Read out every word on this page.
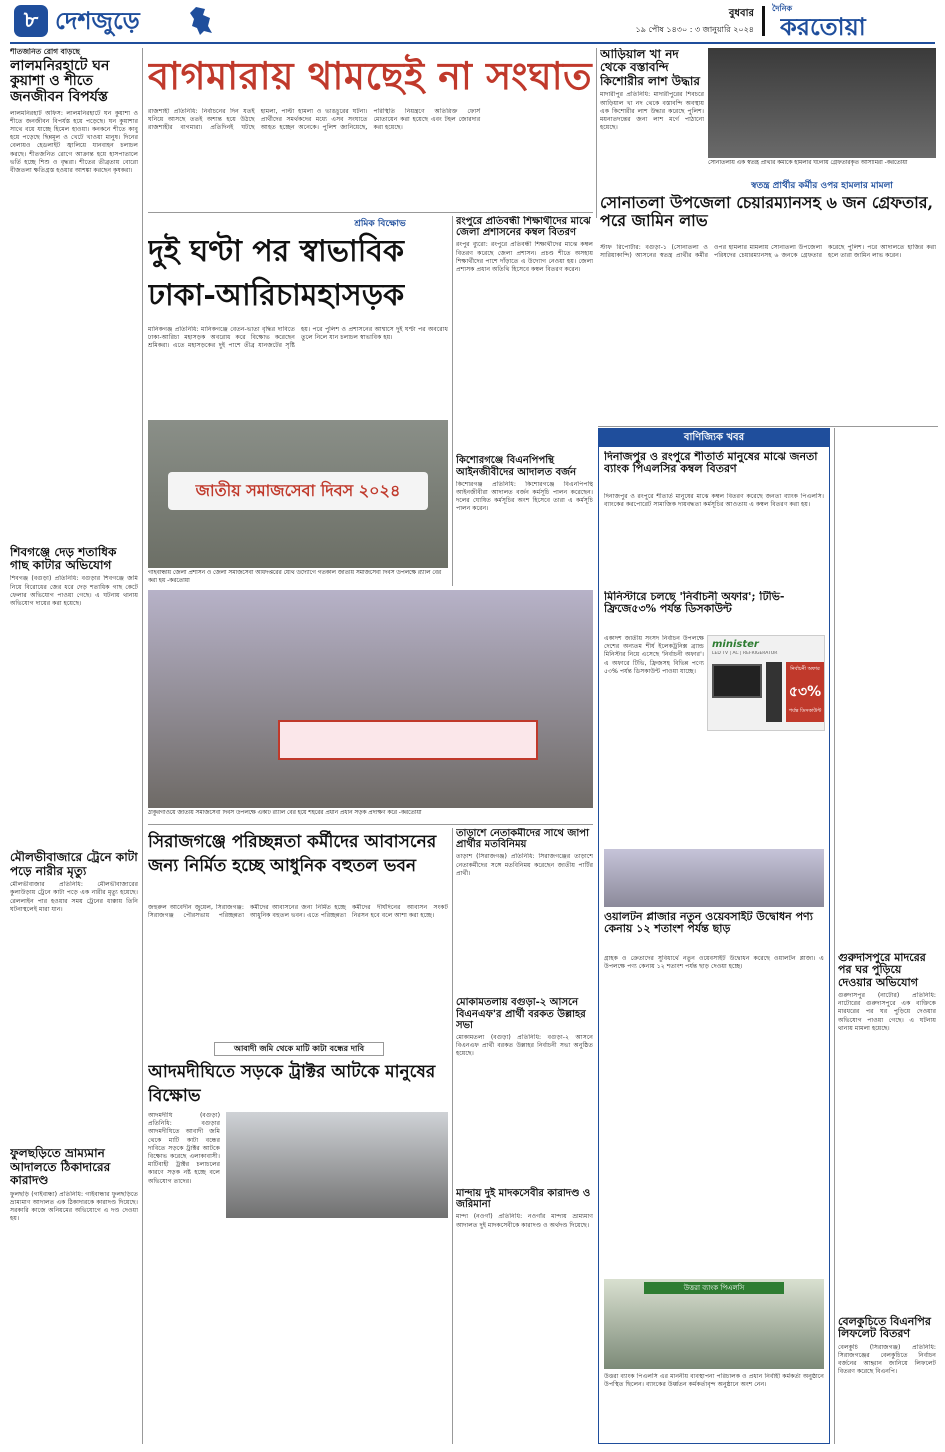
৮ দেশজুড়ে	বুধবার
১৯ পৌষ ১৪৩০ : ৩ জানুয়ারি ২০২৪
দৈনিক
করতোয়া
শীতজনিত রোগ বাড়ছে
লালমনিরহাটে ঘন কুয়াশা ও শীতে জনজীবন বিপর্যস্ত
লালমনিরহাট অফিস: লালমনিরহাটে ঘন কুয়াশা ও শীতে জনজীবন বিপর্যস্ত হয়ে পড়েছে। ঘন কুয়াশার সাথে বয়ে যাচ্ছে হিমেল হাওয়া। কনকনে শীতে কাবু হয়ে পড়েছে ছিন্নমূল ও খেটে খাওয়া মানুষ। দিনের বেলায়ও হেডলাইট জ্বালিয়ে যানবাহন চলাচল করছে। শীতজনিত রোগে আক্রান্ত হয়ে হাসপাতালে ভর্তি হচ্ছে শিশু ও বৃদ্ধরা। শীতের তীব্রতায় বোরো বীজতলা ক্ষতিগ্রস্ত হওয়ার আশঙ্কা করছেন কৃষকরা।
শিবগঞ্জে দেড় শতাধিক গাছ কাটার অভিযোগ
শিবগঞ্জ (বগুড়া) প্রতিনিধি: বগুড়ার শিবগঞ্জে জমি নিয়ে বিরোধের জের ধরে দেড় শতাধিক গাছ কেটে ফেলার অভিযোগ পাওয়া গেছে। এ ঘটনায় থানায় অভিযোগ দায়ের করা হয়েছে।
মৌলভীবাজারে ট্রেনে কাটা পড়ে নারীর মৃত্যু
মৌলভীবাজার প্রতিনিধি: মৌলভীবাজারের কুলাউড়ায় ট্রেনে কাটা পড়ে এক নারীর মৃত্যু হয়েছে। রেললাইন পার হওয়ার সময় ট্রেনের ধাক্কায় তিনি ঘটনাস্থলেই মারা যান।
ফুলছড়িতে ভ্রাম্যমান আদালতে ঠিকাদারের কারাদণ্ড
ফুলছড়ি (গাইবান্ধা) প্রতিনিধি: গাইবান্ধার ফুলছড়িতে ভ্রাম্যমাণ আদালত এক ঠিকাদারকে কারাদণ্ড দিয়েছে। সরকারি কাজে অনিয়মের অভিযোগে এ দণ্ড দেওয়া হয়।
বাগমারায় থামছেই না সংঘাত
রাজশাহী প্রতিনিধি: নির্বাচনের দিন যতই ঘনিয়ে আসছে ততই অশান্ত হয়ে উঠছে রাজশাহীর বাগমারা। প্রতিদিনই ঘটছে হামলা, পাল্টা হামলা ও ভাঙচুরের ঘটনা। প্রার্থীদের সমর্থকদের মধ্যে এসব সংঘাতে আহত হচ্ছেন অনেকে। পুলিশ জানিয়েছে, পরিস্থিতি নিয়ন্ত্রণে অতিরিক্ত ফোর্স মোতায়েন করা হয়েছে এবং টহল জোরদার করা হয়েছে।
শ্রমিক বিক্ষোভ
দুই ঘণ্টা পর স্বাভাবিক ঢাকা-আরিচামহাসড়ক
মানিকগঞ্জ প্রতিনিধি: মানিকগঞ্জে বেতন-ভাতা বৃদ্ধির দাবিতে ঢাকা-আরিচা মহাসড়ক অবরোধ করে বিক্ষোভ করেছেন শ্রমিকরা। এতে মহাসড়কের দুই পাশে তীব্র যানজটের সৃষ্টি হয়। পরে পুলিশ ও প্রশাসনের আশ্বাসে দুই ঘণ্টা পর অবরোধ তুলে নিলে যান চলাচল স্বাভাবিক হয়।
জাতীয় সমাজসেবা দিবস ২০২৪
গাইবান্ধায় জেলা প্রশাসন ও জেলা সমাজসেবা অধিদপ্তরের যৌথ উদ্যোগে গতকাল জাতীয় সমাজসেবা দিবস উপলক্ষে র‌্যালি বের করা হয় -করতোয়া
ঠাকুরগাঁওয়ে জাতীয় সমাজসেবা দিবস উপলক্ষে একটি র‌্যালি বের হয়ে শহরের প্রধান প্রধান সড়ক প্রদক্ষিণ করে -করতোয়া
রংপুরে প্রতিবন্ধী শিক্ষার্থীদের মাঝে জেলা প্রশাসনের কম্বল বিতরণ
রংপুর ব্যুরো: রংপুরে প্রতিবন্ধী শিক্ষার্থীদের মাঝে কম্বল বিতরণ করেছে জেলা প্রশাসন। প্রচণ্ড শীতে অসহায় শিক্ষার্থীদের পাশে দাঁড়াতে এ উদ্যোগ নেওয়া হয়। জেলা প্রশাসক প্রধান অতিথি হিসেবে কম্বল বিতরণ করেন।
কিশোরগঞ্জে বিএনপিপন্থি আইনজীবীদের আদালত বর্জন
কিশোরগঞ্জ প্রতিনিধি: কিশোরগঞ্জে বিএনপিপন্থি আইনজীবীরা আদালত বর্জন কর্মসূচি পালন করেছেন। দলের ঘোষিত কর্মসূচির অংশ হিসেবে তারা এ কর্মসূচি পালন করেন।
তাড়াশে নেতাকর্মীদের সাথে জাপা প্রার্থীর মতবিনিময়
তাড়াশ (সিরাজগঞ্জ) প্রতিনিধি: সিরাজগঞ্জের তাড়াশে নেতাকর্মীদের সঙ্গে মতবিনিময় করেছেন জাতীয় পার্টির প্রার্থী।
মোকামতলায় বগুড়া-২ আসনে বিএনএফ'র প্রার্থী বরকত উল্লাহর সভা
মোকামতলা (বগুড়া) প্রতিনিধি: বগুড়া-২ আসনে বিএনএফ প্রার্থী বরকত উল্লাহর নির্বাচনী সভা অনুষ্ঠিত হয়েছে।
মান্দায় দুই মাদকসেবীর কারাদণ্ড ও জরিমানা
মান্দা (নওগাঁ) প্রতিনিধি: নওগাঁর মান্দায় ভ্রাম্যমাণ আদালত দুই মাদকসেবীকে কারাদণ্ড ও অর্থদণ্ড দিয়েছে।
আড়িয়াল খা নদ থেকে বস্তাবন্দি কিশোরীর লাশ উদ্ধার
মাদারীপুর প্রতিনিধি: মাদারীপুরের শিবচরে আড়িয়াল খা নদ থেকে বস্তাবন্দি অবস্থায় এক কিশোরীর লাশ উদ্ধার করেছে পুলিশ। ময়নাতদন্তের জন্য লাশ মর্গে পাঠানো হয়েছে।
সোনাতলায় এক স্বতন্ত্র প্রার্থীর কর্মীকে হামলার ঘটনায় গ্রেফতারকৃত আসামিরা -করতোয়া
স্বতন্ত্র প্রার্থীর কর্মীর ওপর হামলার মামলা
সোনাতলা উপজেলা চেয়ারম্যানসহ ৬ জন গ্রেফতার, পরে জামিন লাভ
স্টাফ রিপোর্টার: বগুড়া-১ (সোনাতলা ও সারিয়াকান্দি) আসনের স্বতন্ত্র প্রার্থীর কর্মীর ওপর হামলার মামলায় সোনাতলা উপজেলা পরিষদের চেয়ারম্যানসহ ৬ জনকে গ্রেফতার করেছে পুলিশ। পরে আদালতে হাজির করা হলে তারা জামিন লাভ করেন।
বাণিজ্যিক খবর
দিনাজপুর ও রংপুরে শীতার্ত মানুষের মাঝে জনতা ব্যাংক পিএলসির কম্বল বিতরণ
দিনাজপুর ও রংপুরে শীতার্ত মানুষের মাঝে কম্বল বিতরণ করেছে জনতা ব্যাংক পিএলসি। ব্যাংকের করপোরেট সামাজিক দায়বদ্ধতা কর্মসূচির আওতায় এ কম্বল বিতরণ করা হয়।
মিনিস্টারে চলছে 'নির্বাচনী অফার'; টিভি-ফ্রিজে৫৩% পর্যন্ত ডিসকাউন্ট
একাদশ জাতীয় সংসদ নির্বাচন উপলক্ষে দেশের অন্যতম শীর্ষ ইলেকট্রনিক্স ব্র্যান্ড মিনিস্টার নিয়ে এসেছে 'নির্বাচনী অফার'। এ অফারে টিভি, ফ্রিজসহ বিভিন্ন পণ্যে ৫৩% পর্যন্ত ডিসকাউন্ট পাওয়া যাচ্ছে।
minister
LED TV | AC | REFRIGERATOR
নির্বাচনী অফার
৫৩%
পর্যন্ত ডিসকাউন্ট
ওয়ালটন প্লাজার নতুন ওয়েবসাইট উদ্বোধন পণ্য কেনায় ১২ শতাংশ পর্যন্ত ছাড়
গ্রাহক ও ক্রেতাদের সুবিধার্থে নতুন ওয়েবসাইট উদ্বোধন করেছে ওয়ালটন প্লাজা। এ উপলক্ষে পণ্য কেনায় ১২ শতাংশ পর্যন্ত ছাড় দেওয়া হচ্ছে।
উত্তরা ব্যাংক পিএলসি
উত্তরা ব্যাংক পিএলসি এর মাননীয় ব্যবস্থাপনা পরিচালক ও প্রধান নির্বাহী কর্মকর্তা অনুষ্ঠানে উপস্থিত ছিলেন। ব্যাংকের উর্ধ্বতন কর্মকর্তাবৃন্দ অনুষ্ঠানে অংশ নেন।
গুরুদাসপুরে মাদরের পর ঘর পুড়িয়ে দেওয়ার অভিযোগ
গুরুদাসপুর (নাটোর) প্রতিনিধি: নাটোরের গুরুদাসপুরে এক ব্যক্তিকে মারধরের পর ঘর পুড়িয়ে দেওয়ার অভিযোগ পাওয়া গেছে। এ ঘটনায় থানায় মামলা হয়েছে।
বেলকুচিতে বিএনপির লিফলেট বিতরণ
বেলকুচি (সিরাজগঞ্জ) প্রতিনিধি: সিরাজগঞ্জের বেলকুচিতে নির্বাচন বর্জনের আহ্বান জানিয়ে লিফলেট বিতরণ করেছে বিএনপি।
সিরাজগঞ্জে পরিচ্ছন্নতা কর্মীদের আবাসনের জন্য নির্মিত হচ্ছে আধুনিক বহুতল ভবন
জহুরুল আবেদীন জুয়েল, সিরাজগঞ্জ: সিরাজগঞ্জ পৌরসভায় পরিচ্ছন্নতা কর্মীদের আবাসনের জন্য নির্মিত হচ্ছে আধুনিক বহুতল ভবন। এতে পরিচ্ছন্নতা কর্মীদের দীর্ঘদিনের আবাসন সংকট নিরসন হবে বলে আশা করা হচ্ছে।
আবাদী জমি থেকে মাটি কাটা বন্ধের দাবি
আদমদীঘিতে সড়কে ট্রাক্টর আটকে মানুষের বিক্ষোভ
আদমদীঘি (বগুড়া) প্রতিনিধি: বগুড়ার আদমদীঘিতে আবাদী জমি থেকে মাটি কাটা বন্ধের দাবিতে সড়কে ট্রাক্টর আটকে বিক্ষোভ করেছে এলাকাবাসী। মাটিবাহী ট্রাক্টর চলাচলের কারণে সড়ক নষ্ট হচ্ছে বলে অভিযোগ তাদের।
